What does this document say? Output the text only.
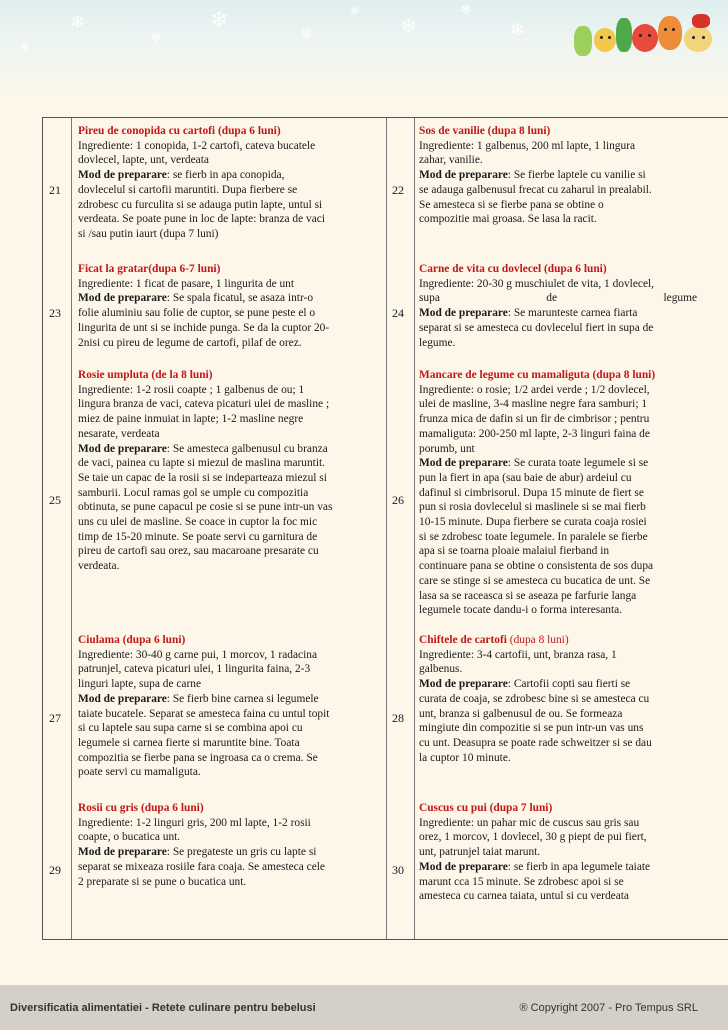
❄
❄
❄
❄
❄
❄
❄
❄
❄
21
Pireu de conopida cu cartofi (dupa 6 luni)
Ingrediente: 1 conopida, 1-2 cartofi, cateva bucatele
dovlecel, lapte, unt, verdeata
Mod de preparare: se fierb in apa conopida,
dovlecelul si cartofii maruntiti. Dupa fierbere se
zdrobesc cu furculita si se adauga putin lapte, untul si
verdeata. Se poate pune in loc de lapte: branza de vaci
si /sau putin iaurt (dupa 7 luni)
22
Sos de vanilie (dupa 8 luni)
Ingrediente: 1 galbenus, 200 ml lapte, 1 lingura
zahar, vanilie.
Mod de preparare: Se fierbe laptele cu vanilie si
se adauga galbenusul frecat cu zaharul in prealabil.
Se amesteca si se fierbe pana se obtine o
compozitie mai groasa. Se lasa la racit.
23
Ficat la gratar(dupa 6-7 luni)
Ingrediente: 1 ficat de pasare, 1 lingurita de unt
Mod de preparare: Se spala ficatul, se asaza intr-o
folie aluminiu sau folie de cuptor, se pune peste el o
lingurita de unt si se inchide punga. Se da la cuptor 20-
2nisi cu pireu de legume de cartofi, pilaf de orez.
24
Carne de vita cu dovlecel (dupa 6 luni)
Ingrediente: 20-30 g muschiulet de vita, 1 dovlecel,
supa	de	legume
Mod de preparare: Se marunteste carnea fiarta
separat si se amesteca cu dovlecelul fiert in supa de
legume.
25
Rosie umpluta (de la 8 luni)
Ingrediente: 1-2 rosii coapte ; 1 galbenus de ou; 1
lingura branza de vaci, cateva picaturi ulei de masline ;
miez de paine inmuiat in lapte; 1-2 masline negre
nesarate, verdeata
Mod de preparare: Se amesteca galbenusul cu branza
de vaci, painea cu lapte si miezul de maslina maruntit.
Se taie un capac de la rosii si se indeparteaza miezul si
samburii. Locul ramas gol se umple cu compozitia
obtinuta, se pune capacul pe cosie si se pune intr-un vas
uns cu ulei de masline. Se coace in cuptor la foc mic
timp de 15-20 minute. Se poate servi cu garnitura de
pireu de cartofi sau orez, sau macaroane presarate cu
verdeata.
26
Mancare de legume cu mamaliguta (dupa 8 luni)
Ingrediente: o rosie; 1/2 ardei verde ; 1/2 dovlecel,
ulei de masline, 3-4 masline negre fara samburi; 1
frunza mica de dafin si un fir de cimbrisor ; pentru
mamaliguta: 200-250 ml lapte, 2-3 linguri faina de
porumb, unt
Mod de preparare: Se curata toate legumele si se
pun la fiert in apa (sau baie de abur) ardeiul cu
dafinul si cimbrisorul. Dupa 15 minute de fiert se
pun si rosia dovlecelul si maslinele si se mai fierb
10-15 minute. Dupa fierbere se curata coaja rosiei
si se zdrobesc toate legumele. In paralele se fierbe
apa si se toarna ploaie malaiul fierband in
continuare pana se obtine o consistenta de sos dupa
care se stinge si se amesteca cu bucatica de unt. Se
lasa sa se raceasca si se aseaza pe farfurie langa
legumele tocate dandu-i o forma interesanta.
27
Ciulama (dupa 6 luni)
Ingrediente: 30-40 g carne pui, 1 morcov, 1 radacina
patrunjel, cateva picaturi ulei, 1 lingurita faina, 2-3
linguri lapte, supa de carne
Mod de preparare: Se fierb bine carnea si legumele
taiate bucatele. Separat se amesteca faina cu untul topit
si cu laptele sau supa carne si se combina apoi cu
legumele si carnea fierte si maruntite bine. Toata
compozitia se fierbe pana se ingroasa ca o crema. Se
poate servi cu mamaliguta.
28
Chiftele de cartofi (dupa 8 luni)
Ingrediente: 3-4 cartofii, unt, branza rasa, 1
galbenus.
Mod de preparare: Cartofii copti sau fierti se
curata de coaja, se zdrobesc bine si se amesteca cu
unt, branza si galbenusul de ou. Se formeaza
mingiute din compozitie si se pun intr-un vas uns
cu unt. Deasupra se poate rade schweitzer si se dau
la cuptor 10 minute.
29
Rosii cu gris (dupa 6 luni)
Ingrediente: 1-2 linguri gris, 200 ml lapte, 1-2 rosii
coapte, o bucatica unt.
Mod de preparare: Se pregateste un gris cu lapte si
separat se mixeaza rosiile fara coaja. Se amesteca cele
2 preparate si se pune o bucatica unt.
30
Cuscus cu pui (dupa 7 luni)
Ingrediente: un pahar mic de cuscus sau gris sau
orez, 1 morcov, 1 dovlecel, 30 g piept de pui fiert,
unt, patrunjel taiat marunt.
Mod de preparare: se fierb in apa legumele taiate
marunt cca 15 minute. Se zdrobesc apoi si se
amesteca cu carnea taiata, untul si cu verdeata
Diversificatia alimentatiei - Retete culinare pentru bebelusi	® Copyright 2007 - Pro Tempus SRL
